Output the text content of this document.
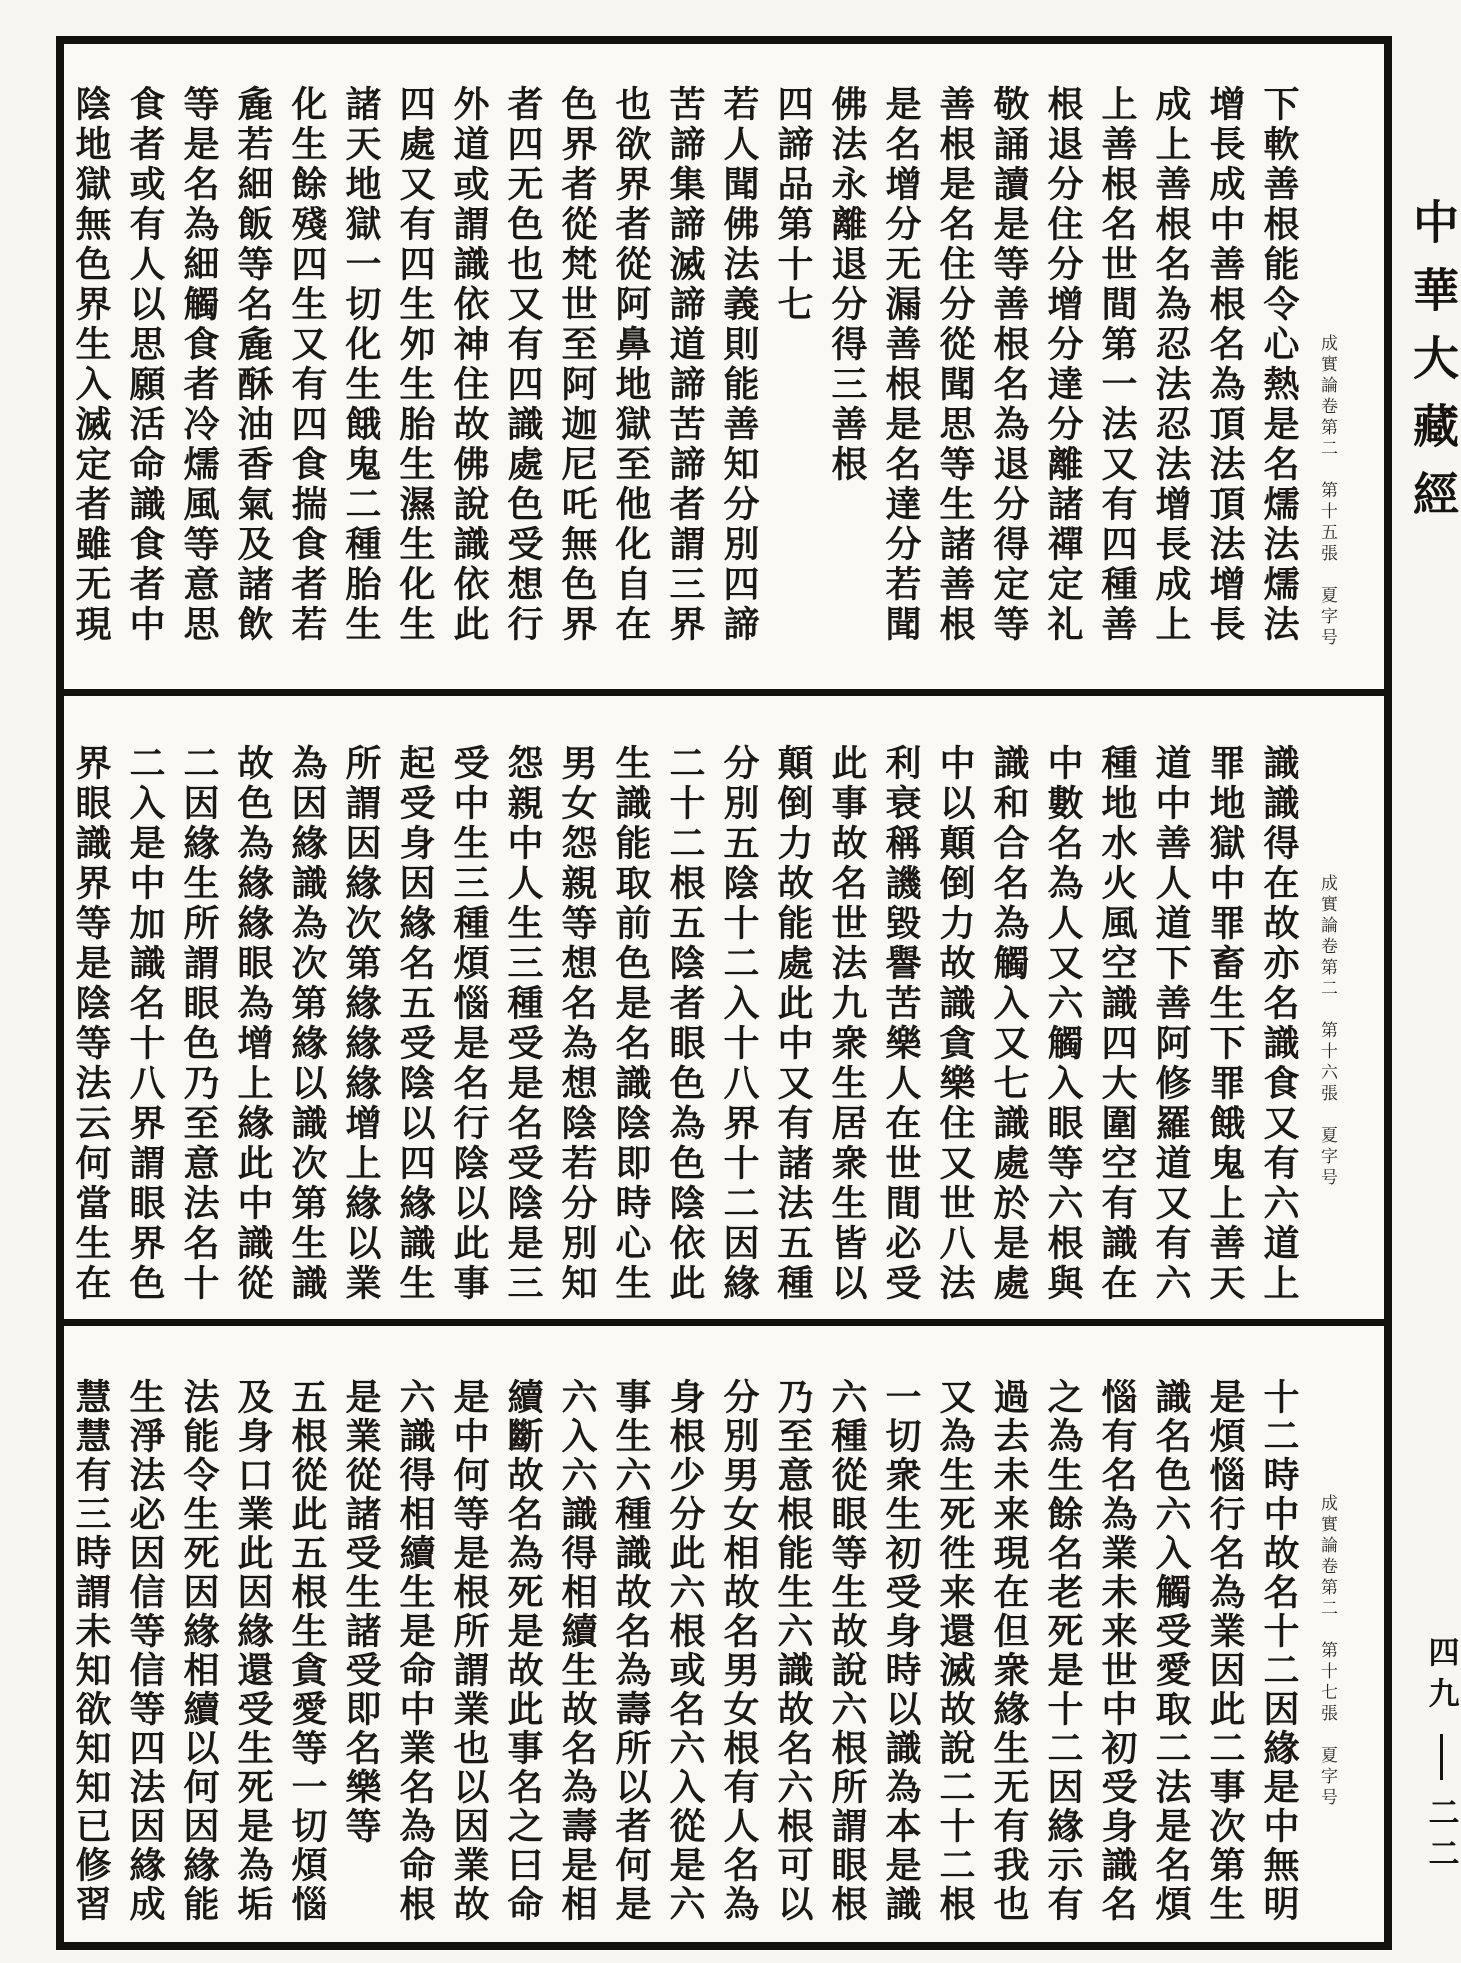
下軟善根能令心熱是名燸法燸法
增長成中善根名為頂法頂法增長
成上善根名為忍法忍法增長成上
上善根名世間第一法又有四種善
根退分住分增分達分離諸禪定礼
敬誦讀是等善根名為退分得定等
善根是名住分從聞思等生諸善根
是名增分无漏善根是名達分若聞
佛法永離退分得三善根
四諦品第十七
若人聞佛法義則能善知分別四諦
苦諦集諦滅諦道諦苦諦者謂三界
也欲界者從阿鼻地獄至他化自在
色界者從梵世至阿迦尼吒無色界
者四无色也又有四識處色受想行
外道或謂識依神住故佛說識依此
四處又有四生夘生胎生濕生化生
諸天地獄一切化生餓鬼二種胎生
化生餘殘四生又有四食揣食者若
麁若細飯等名麁酥油香氣及諸飲
等是名為細觸食者冷燸風等意思
食者或有人以思願活命識食者中
陰地獄無色界生入滅定者雖无現	成實論卷第二　第十五張　夏字号
識識得在故亦名識食又有六道上
罪地獄中罪畜生下罪餓鬼上善天
道中善人道下善阿修羅道又有六
種地水火風空識四大圍空有識在
中數名為人又六觸入眼等六根與
識和合名為觸入又七識處於是處
中以顛倒力故識貪樂住又世八法
利衰稱譏毀譽苦樂人在世間必受
此事故名世法九衆生居衆生皆以
顛倒力故能處此中又有諸法五種
分別五陰十二入十八界十二因緣
二十二根五陰者眼色為色陰依此
生識能取前色是名識陰即時心生
男女怨親等想名為想陰若分別知
怨親中人生三種受是名受陰是三
受中生三種煩惱是名行陰以此事
起受身因緣名五受陰以四緣識生
所謂因緣次第緣緣緣增上緣以業
為因緣識為次第緣以識次第生識
故色為緣緣眼為增上緣此中識從
二因緣生所謂眼色乃至意法名十
二入是中加識名十八界謂眼界色
界眼識界等是陰等法云何當生在	成實論卷第二　第十六張　夏字号
十二時中故名十二因緣是中無明
是煩惱行名為業因此二事次第生
識名色六入觸受愛取二法是名煩
惱有名為業未来世中初受身識名
之為生餘名老死是十二因緣示有
過去未来現在但衆緣生无有我也
又為生死徃来還滅故說二十二根
一切衆生初受身時以識為本是識
六種從眼等生故說六根所謂眼根
乃至意根能生六識故名六根可以
分別男女相故名男女根有人名為
身根少分此六根或名六入從是六
事生六種識故名為壽所以者何是
六入六識得相續生故名為壽是相
續斷故名為死是故此事名之曰命
是中何等是根所謂業也以因業故
六識得相續生是命中業名為命根
是業從諸受生諸受即名樂等
五根從此五根生貪愛等一切煩惱
及身口業此因緣還受生死是為垢
法能令生死因緣相續以何因緣能
生淨法必因信等信等四法因緣成
慧慧有三時謂未知欲知知已修習	成實論卷第二　第十七張　夏字号
中華大藏經
四九
二二
